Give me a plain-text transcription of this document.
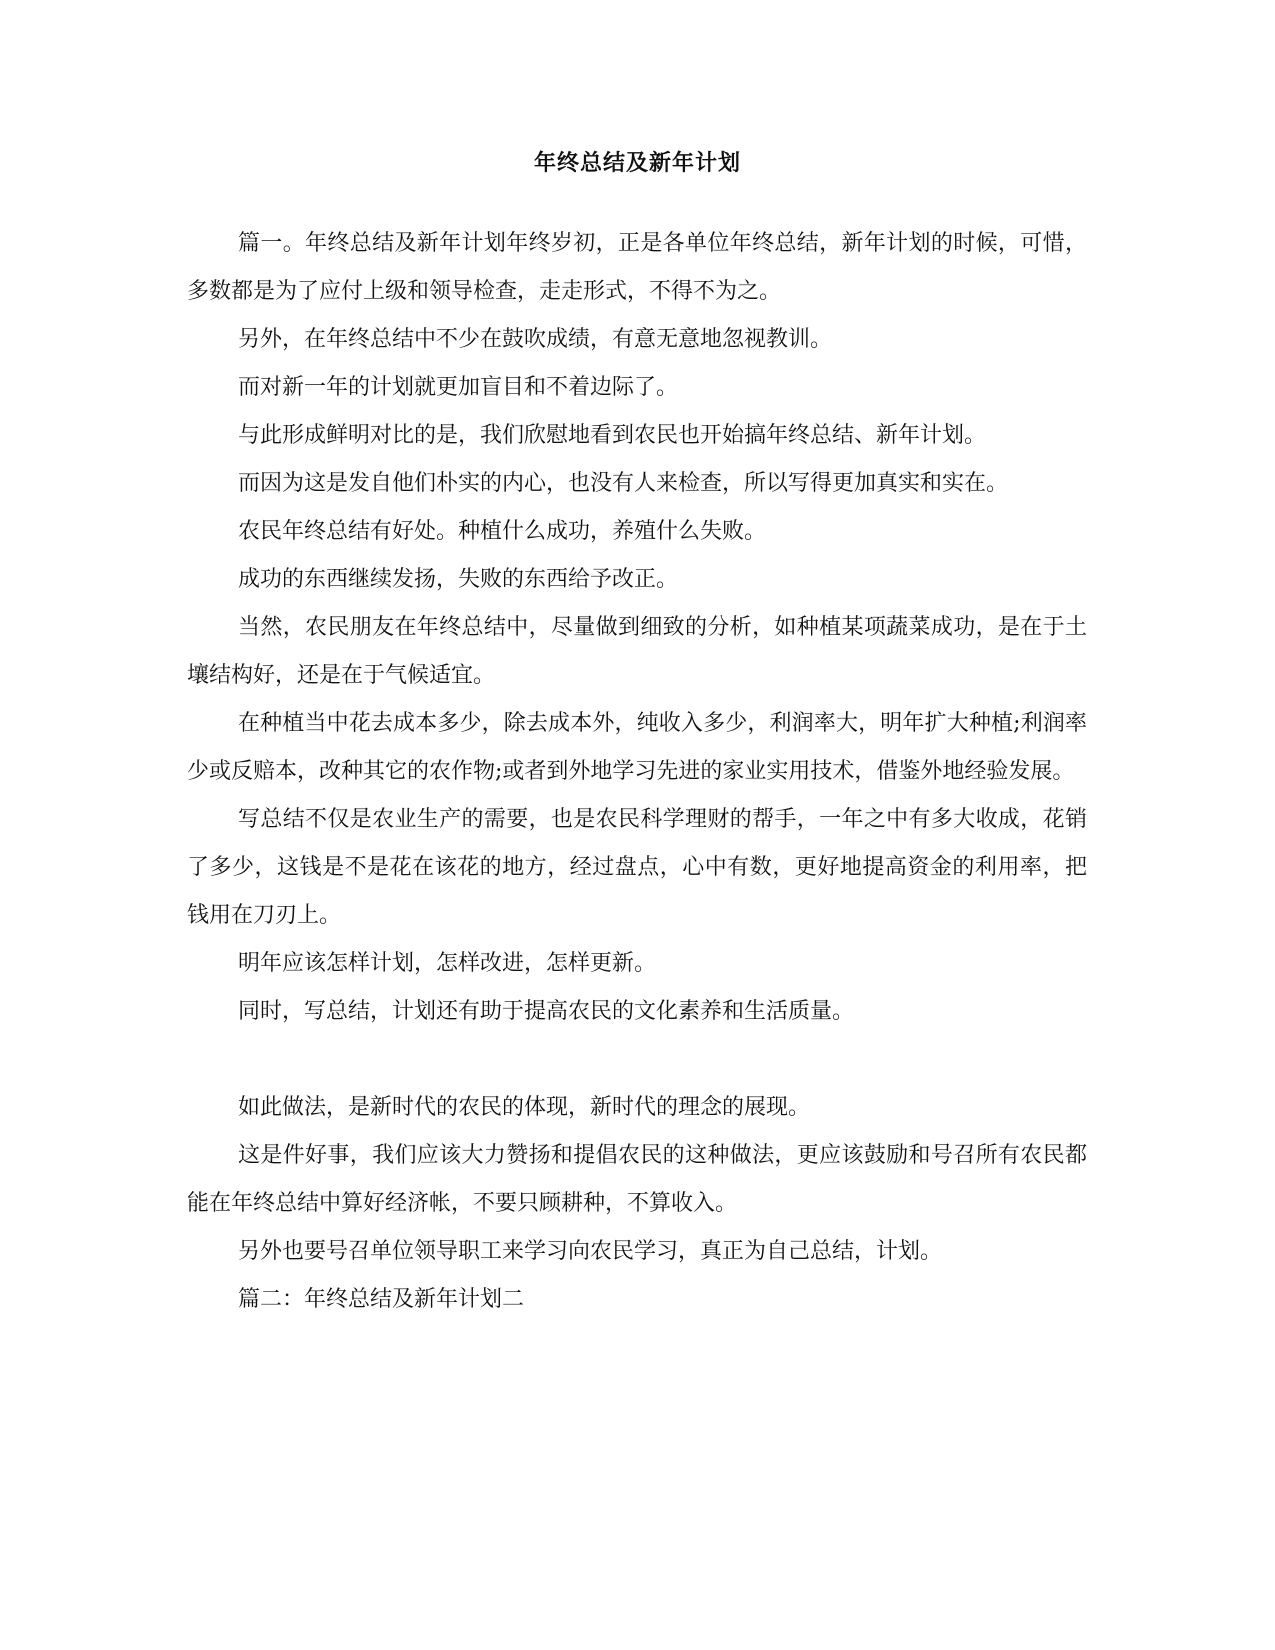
年终总结及新年计划

篇一。年终总结及新年计划年终岁初，正是各单位年终总结，新年计划的时候，可惜，多数都是为了应付上级和领导检查，走走形式，不得不为之。

另外，在年终总结中不少在鼓吹成绩，有意无意地忽视教训。

而对新一年的计划就更加盲目和不着边际了。

与此形成鲜明对比的是，我们欣慰地看到农民也开始搞年终总结、新年计划。

而因为这是发自他们朴实的内心，也没有人来检查，所以写得更加真实和实在。

农民年终总结有好处。种植什么成功，养殖什么失败。

成功的东西继续发扬，失败的东西给予改正。

当然，农民朋友在年终总结中，尽量做到细致的分析，如种植某项蔬菜成功，是在于土壤结构好，还是在于气候适宜。

在种植当中花去成本多少，除去成本外，纯收入多少，利润率大，明年扩大种植;利润率少或反赔本，改种其它的农作物;或者到外地学习先进的家业实用技术，借鉴外地经验发展。

写总结不仅是农业生产的需要，也是农民科学理财的帮手，一年之中有多大收成，花销了多少，这钱是不是花在该花的地方，经过盘点，心中有数，更好地提高资金的利用率，把钱用在刀刃上。

明年应该怎样计划，怎样改进，怎样更新。

同时，写总结，计划还有助于提高农民的文化素养和生活质量。

如此做法，是新时代的农民的体现，新时代的理念的展现。

这是件好事，我们应该大力赞扬和提倡农民的这种做法，更应该鼓励和号召所有农民都能在年终总结中算好经济帐，不要只顾耕种，不算收入。

另外也要号召单位领导职工来学习向农民学习，真正为自己总结，计划。

篇二：年终总结及新年计划二
